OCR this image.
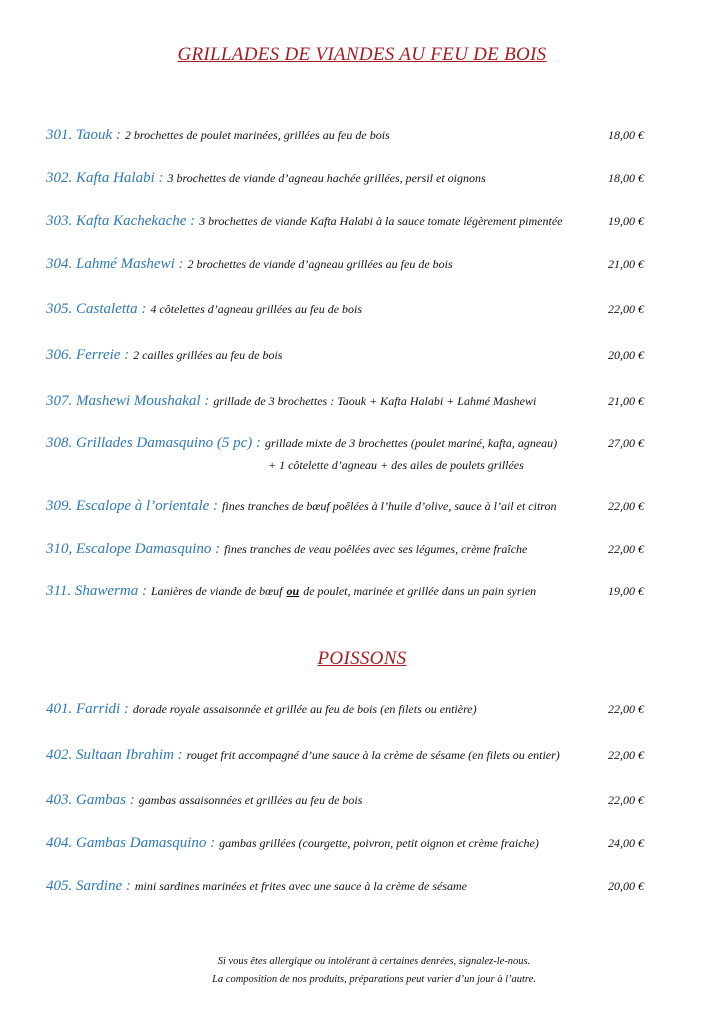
GRILLADES DE VIANDES AU FEU DE BOIS
301. Taouk : 2 brochettes de poulet marinées, grillées au feu de bois	18,00 €
302. Kafta Halabi : 3 brochettes de viande d’agneau hachée grillées, persil et oignons	18,00 €
303. Kafta Kachekache : 3 brochettes de viande Kafta Halabi à la sauce tomate légèrement pimentée	19,00 €
304. Lahmé Mashewi : 2 brochettes de viande d’agneau grillées au feu de bois	21,00 €
305. Castaletta : 4 côtelettes d’agneau grillées au feu de bois	22,00 €
306. Ferreie : 2 cailles grillées au feu de bois	20,00 €
307. Mashewi Moushakal : grillade de 3 brochettes : Taouk + Kafta Halabi + Lahmé Mashewi	21,00 €
308. Grillades Damasquino (5 pc) : grillade mixte de 3 brochettes (poulet mariné, kafta, agneau)	27,00 €
+ 1 côtelette d’agneau + des ailes de poulets grillées
309. Escalope à l’orientale : fines tranches de bœuf poêlées à l’huile d’olive, sauce à l’ail et citron	22,00 €
310, Escalope Damasquino : fines tranches de veau poêlées avec ses légumes, crème fraîche	22,00 €
311. Shawerma : Lanières de viande de bœuf ou de poulet, marinée et grillée dans un pain syrien	19,00 €
POISSONS
401. Farridi : dorade royale assaisonnée et grillée au feu de bois (en filets ou entière)	22,00 €
402. Sultaan Ibrahim : rouget frit accompagné d’une sauce à la crème de sésame (en filets ou entier)	22,00 €
403. Gambas : gambas assaisonnées et grillées au feu de bois	22,00 €
404. Gambas Damasquino : gambas grillées (courgette, poivron, petit oignon et crème fraiche)	24,00 €
405. Sardine : mini sardines marinées et frites avec une sauce à la crème de sésame	20,00 €
Si vous êtes allergique ou intolérant à certaines denrées, signalez-le-nous.
La composition de nos produits, préparations peut varier d’un jour à l’autre.
